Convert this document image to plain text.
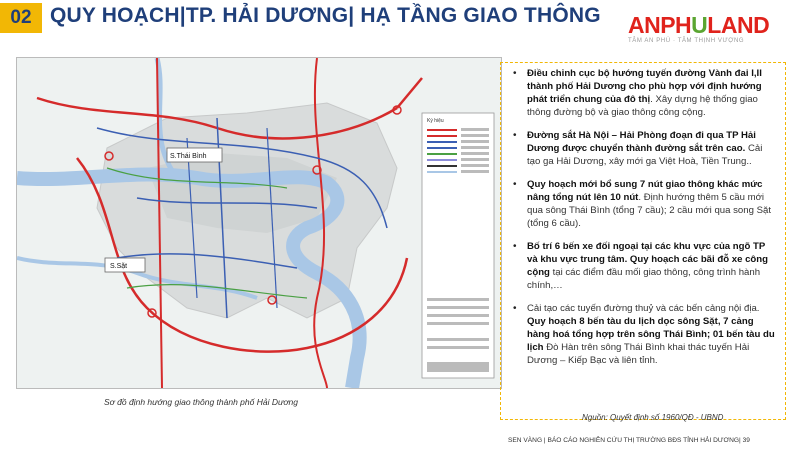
02 QUY HOẠCH|TP. HẢI DƯƠNG| HẠ TẦNG GIAO THÔNG ANPHULAND
TÂM AN PHÚ · TÂM THỊNH VƯỢNG
Ký hiệu
S.Thái Bình
S.Sặt
Sơ đồ định hướng giao thông thành phố Hải Dương
• Điều chỉnh cục bộ hướng tuyến đường Vành đai I,II thành phố Hải Dương cho phù hợp với định hướng phát triển chung của đô thị. Xây dựng hệ thống giao thông đường bộ và giao thông công cộng.
• Đường sắt Hà Nội – Hải Phòng đoạn đi qua TP Hải Dương được chuyển thành đường sắt trên cao. Cải tạo ga Hải Dương, xây mới ga Việt Hoà, Tiền Trung..
• Quy hoạch mới bổ sung 7 nút giao thông khác mức nâng tổng nút lên 10 nút. Định hướng thêm 5 cầu mới qua sông Thái Bình (tổng 7 cầu); 2 cầu mới qua song Sặt (tổng 6 cầu).
• Bố trí 6 bến xe đối ngoại tại các khu vực của ngõ TP và khu vực trung tâm. Quy hoạch các bãi đỗ xe công cộng tại các điểm đầu mối giao thông, công trình hành chính,…
• Cải tạo các tuyến đường thuỷ và các bến cảng nội địa. Quy hoạch 8 bến tàu du lịch dọc sông Sặt, 7 cảng hàng hoá tổng hợp trên sông Thái Bình; 01 bến tàu du lịch Đò Hàn trên sông Thái Bình khai thác tuyến Hải Dương – Kiếp Bạc và liên tỉnh.
Nguồn: Quyết định số 1960/QĐ - UBND
SEN VÀNG | BÁO CÁO NGHIÊN CỨU THỊ TRƯỜNG BĐS TỈNH HẢI DƯƠNG| 39
